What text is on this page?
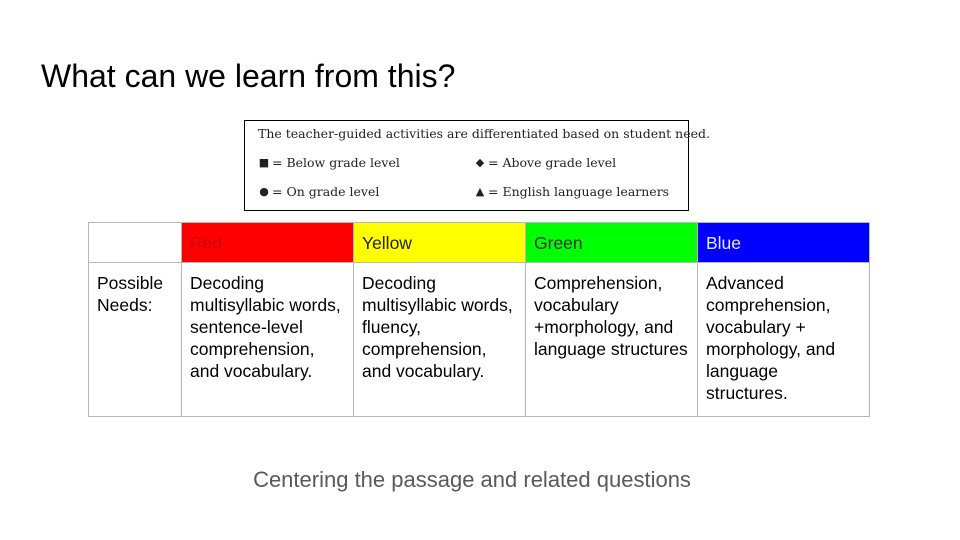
What can we learn from this?
The teacher-guided activities are differentiated based on student need.
■ = Below grade level	◆ = Above grade level
● = On grade level	▲ = English language learners
	Red	Yellow	Green	Blue
Possible Needs:	Decoding multisyllabic words, sentence-level comprehension, and vocabulary.	Decoding multisyllabic words, fluency, comprehension, and vocabulary.	Comprehension, vocabulary +morphology, and language structures	Advanced comprehension, vocabulary + morphology, and language structures.
Centering the passage and related questions
